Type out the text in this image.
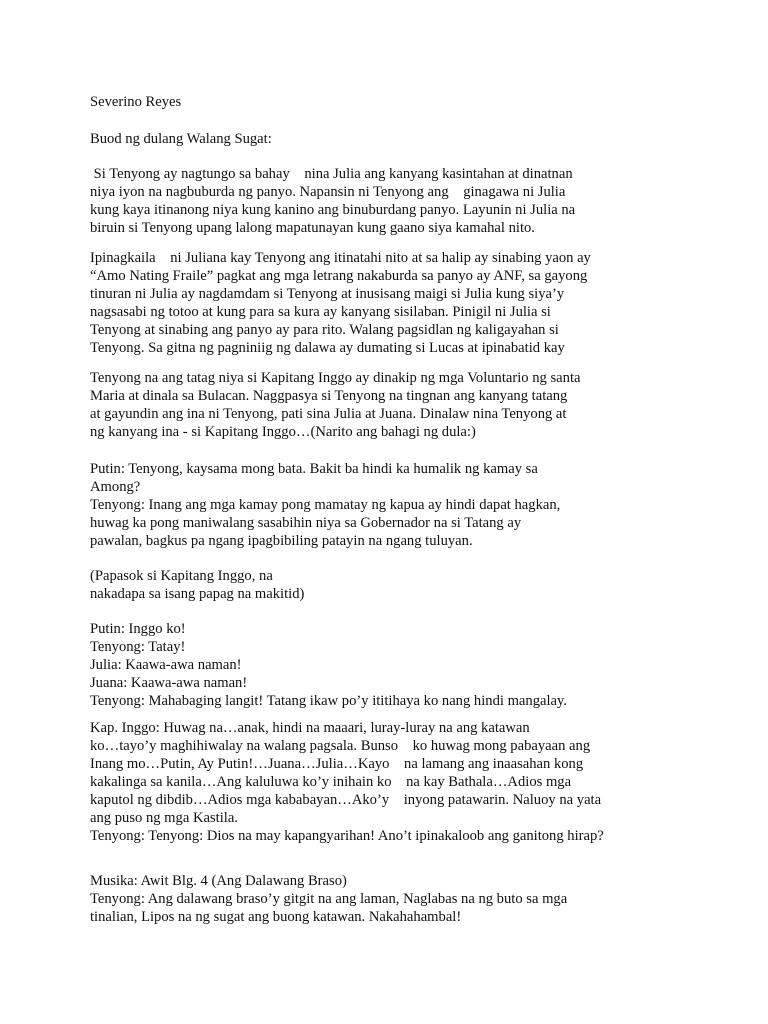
Severino Reyes
Buod ng dulang Walang Sugat:
Si Tenyong ay nagtungo sa bahay    nina Julia ang kanyang kasintahan at dinatnan
niya iyon na nagbuburda ng panyo. Napansin ni Tenyong ang    ginagawa ni Julia
kung kaya itinanong niya kung kanino ang binuburdang panyo. Layunin ni Julia na
biruin si Tenyong upang lalong mapatunayan kung gaano siya kamahal nito.
Ipinagkaila    ni Juliana kay Tenyong ang itinatahi nito at sa halip ay sinabing yaon ay
“Amo Nating Fraile” pagkat ang mga letrang nakaburda sa panyo ay ANF, sa gayong
tinuran ni Julia ay nagdamdam si Tenyong at inusisang maigi si Julia kung siya’y
nagsasabi ng totoo at kung para sa kura ay kanyang sisilaban. Pinigil ni Julia si
Tenyong at sinabing ang panyo ay para rito. Walang pagsidlan ng kaligayahan si
Tenyong. Sa gitna ng pagniniig ng dalawa ay dumating si Lucas at ipinabatid kay
Tenyong na ang tatag niya si Kapitang Inggo ay dinakip ng mga Voluntario ng santa
Maria at dinala sa Bulacan. Naggpasya si Tenyong na tingnan ang kanyang tatang
at gayundin ang ina ni Tenyong, pati sina Julia at Juana. Dinalaw nina Tenyong at
ng kanyang ina - si Kapitang Inggo…(Narito ang bahagi ng dula:)
Putin: Tenyong, kaysama mong bata. Bakit ba hindi ka humalik ng kamay sa
Among?
Tenyong: Inang ang mga kamay pong mamatay ng kapua ay hindi dapat hagkan,
huwag ka pong maniwalang sasabihin niya sa Gobernador na si Tatang ay
pawalan, bagkus pa ngang ipagbibiling patayin na ngang tuluyan.
(Papasok si Kapitang Inggo, na
nakadapa sa isang papag na makitid)
Putin: Inggo ko!
Tenyong: Tatay!
Julia: Kaawa-awa naman!
Juana: Kaawa-awa naman!
Tenyong: Mahabaging langit! Tatang ikaw po’y ititihaya ko nang hindi mangalay.
Kap. Inggo: Huwag na…anak, hindi na maaari, luray-luray na ang katawan
ko…tayo’y maghihiwalay na walang pagsala. Bunso    ko huwag mong pabayaan ang
Inang mo…Putin, Ay Putin!…Juana…Julia…Kayo    na lamang ang inaasahan kong
kakalinga sa kanila…Ang kaluluwa ko’y inihain ko    na kay Bathala…Adios mga
kaputol ng dibdib…Adios mga kababayan…Ako’y    inyong patawarin. Naluoy na yata
ang puso ng mga Kastila.
Tenyong: Tenyong: Dios na may kapangyarihan! Ano’t ipinakaloob ang ganitong hirap?
Musika: Awit Blg. 4 (Ang Dalawang Braso)
Tenyong: Ang dalawang braso’y gitgit na ang laman, Naglabas na ng buto sa mga
tinalian, Lipos na ng sugat ang buong katawan. Nakahahambal!
